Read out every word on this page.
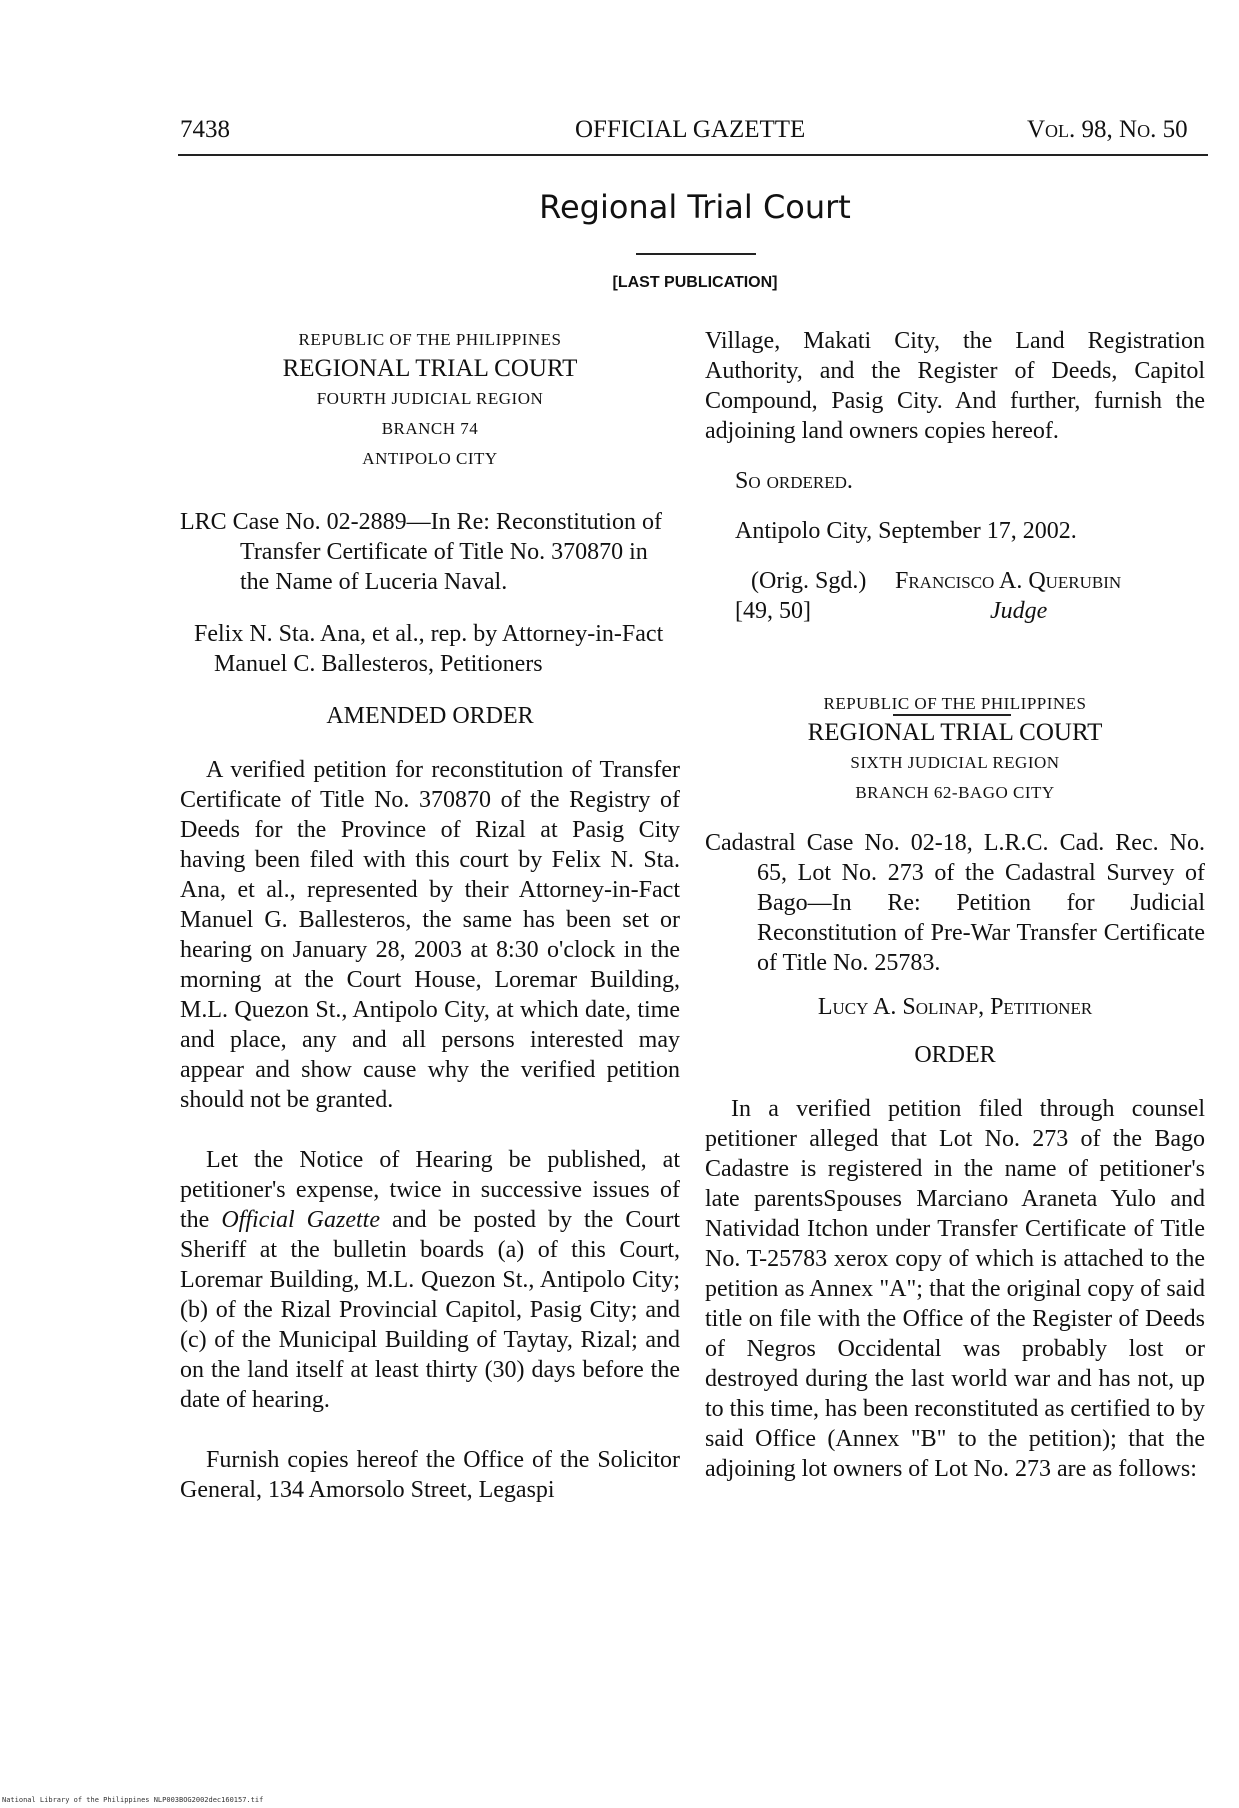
7438	OFFICIAL GAZETTE	Vol. 98, No. 50
Regional Trial Court
[LAST PUBLICATION]
REPUBLIC OF THE PHILIPPINES
REGIONAL TRIAL COURT
FOURTH JUDICIAL REGION
BRANCH 74
ANTIPOLO CITY

LRC Case No. 02-2889—In Re: Reconstitution of Transfer Certificate of Title No. 370870 in the Name of Luceria Naval.

Felix N. Sta. Ana, et al., rep. by Attorney-in-Fact Manuel C. Ballesteros, Petitioners

AMENDED ORDER

A verified petition for reconstitution of Transfer Certificate of Title No. 370870 of the Registry of Deeds for the Province of Rizal at Pasig City having been filed with this court by Felix N. Sta. Ana, et al., represented by their Attorney-in-Fact Manuel G. Ballesteros, the same has been set or hearing on January 28, 2003 at 8:30 o'clock in the morning at the Court House, Loremar Building, M.L. Quezon St., Antipolo City, at which date, time and place, any and all persons interested may appear and show cause why the verified petition should not be granted.

Let the Notice of Hearing be published, at petitioner's expense, twice in successive issues of the Official Gazette and be posted by the Court Sheriff at the bulletin boards (a) of this Court, Loremar Building, M.L. Quezon St., Antipolo City; (b) of the Rizal Provincial Capitol, Pasig City; and (c) of the Municipal Building of Taytay, Rizal; and on the land itself at least thirty (30) days before the date of hearing.

Furnish copies hereof the Office of the Solicitor General, 134 Amorsolo Street, Legaspi

Village, Makati City, the Land Registration Authority, and the Register of Deeds, Capitol Compound, Pasig City. And further, furnish the adjoining land owners copies hereof.

So ordered.

Antipolo City, September 17, 2002.

(Orig. Sgd.) Francisco A. Querubin
[49, 50]	Judge
REPUBLIC OF THE PHILIPPINES
REGIONAL TRIAL COURT
SIXTH JUDICIAL REGION
BRANCH 62-BAGO CITY

Cadastral Case No. 02-18, L.R.C. Cad. Rec. No. 65, Lot No. 273 of the Cadastral Survey of Bago—In Re: Petition for Judicial Reconstitution of Pre-War Transfer Certificate of Title No. 25783.

Lucy A. Solinap, Petitioner

ORDER

In a verified petition filed through counsel petitioner alleged that Lot No. 273 of the Bago Cadastre is registered in the name of petitioner's late parentsSpouses Marciano Araneta Yulo and Natividad Itchon under Transfer Certificate of Title No. T-25783 xerox copy of which is attached to the petition as Annex "A"; that the original copy of said title on file with the Office of the Register of Deeds of Negros Occidental was probably lost or destroyed during the last world war and has not, up to this time, has been reconstituted as certified to by said Office (Annex "B" to the petition); that the adjoining lot owners of Lot No. 273 are as follows:

National Library of the Philippines NLP003BOG2002dec160157.tif
